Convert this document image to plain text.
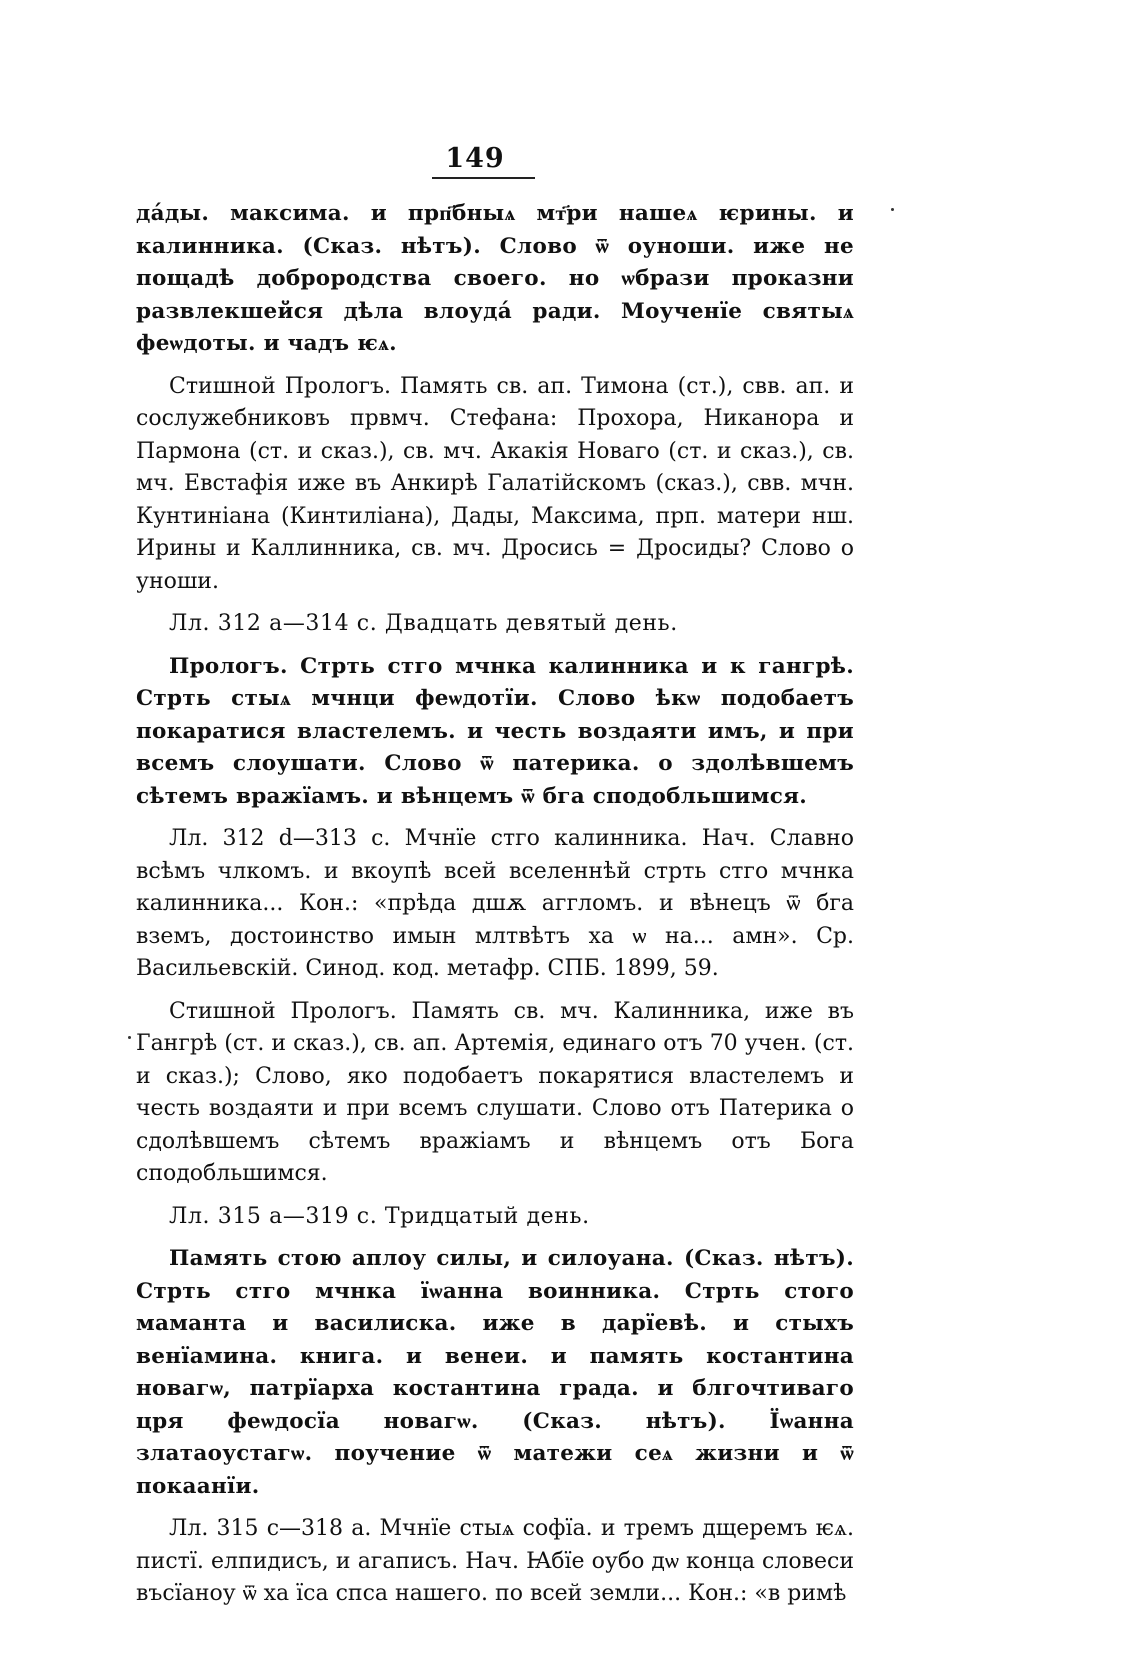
149

да́ды. максима. и прп҃бныѧ мт҃ри нашеѧ ѥрины. и калинника. (Сказ. нѣтъ). Слово ѿ оуноши. иже не пощадѣ доброродства своего. но ѡбрази проказни развлекшейся дѣла влоуда́ ради. Моученїе святыѧ феѡдоты. и чадъ ѥѧ.

Стишной Прологъ. Память св. ап. Тимона (ст.), свв. ап. и сослужебниковъ првмч. Стефана: Прохора, Никанора и Пармона (ст. и сказ.), св. мч. Акакія Новаго (ст. и сказ.), св. мч. Евстафія иже въ Анкирѣ Галатійскомъ (сказ.), свв. мчн. Кунтиніана (Кинтиліана), Дады, Максима, прп. матери нш. Ирины и Каллинника, св. мч. Дросись = Дросиды? Слово о уноши.

Лл. 312 а—314 с. Двадцать девятый день.

Прологъ. Стрть стго мчнка калинника и к гангрѣ. Стрть стыѧ мчнци феѡдотїи. Слово ѣкѡ подобаетъ покаратися властелемъ. и честь воздаяти имъ, и при всемъ слоушати. Слово ѿ патерика. о здолѣвшемъ сѣтемъ вражїамъ. и вѣнцемъ ѿ бга сподобльшимся.

Лл. 312 d—313 с. Мчнїе стго калинника. Нач. Славно всѣмъ члкомъ. и вкоупѣ всей вселеннѣй стрть стго мчнка калинника... Кон.: «прѣда дшѫ аггломъ. и вѣнецъ ѿ бга вземъ, достоинство имын млтвѣтъ ха ѡ на... амн». Ср. Васильевскій. Синод. код. метафр. СПБ. 1899, 59.

Стишной Прологъ. Память св. мч. Калинника, иже въ Гангрѣ (ст. и сказ.), св. ап. Артемія, единаго отъ 70 учен. (ст. и сказ.); Слово, яко подобаетъ покарятися властелемъ и честь воздаяти и при всемъ слушати. Слово отъ Патерика о сдолѣвшемъ сѣтемъ вражіамъ и вѣнцемъ отъ Бога сподобльшимся.

Лл. 315 а—319 с. Тридцатый день.

Память стою аплоу силы, и силоуана. (Сказ. нѣтъ). Стрть стго мчнка їѡанна воинника. Стрть стого маманта и василиска. иже в дарїевѣ. и стыхъ венїамина. книга. и венеи. и память костантина новагѡ, патрїарха костантина града. и блгочтиваго цря феѡдосїа новагѡ. (Сказ. нѣтъ). Їѡанна златаоустагѡ. поучение ѿ матежи сеѧ жизни и ѿ покаанїи.

Лл. 315 с—318 а. Мчнїе стыѧ софїа. и тремъ дщеремъ ѥѧ. пистї. елпидисъ, и агаписъ. Нач. Ꙗбїе оубо дѡ конца словеси въсїаноу ѿ ха їса спса нашего. по всей земли... Кон.: «в римѣ
